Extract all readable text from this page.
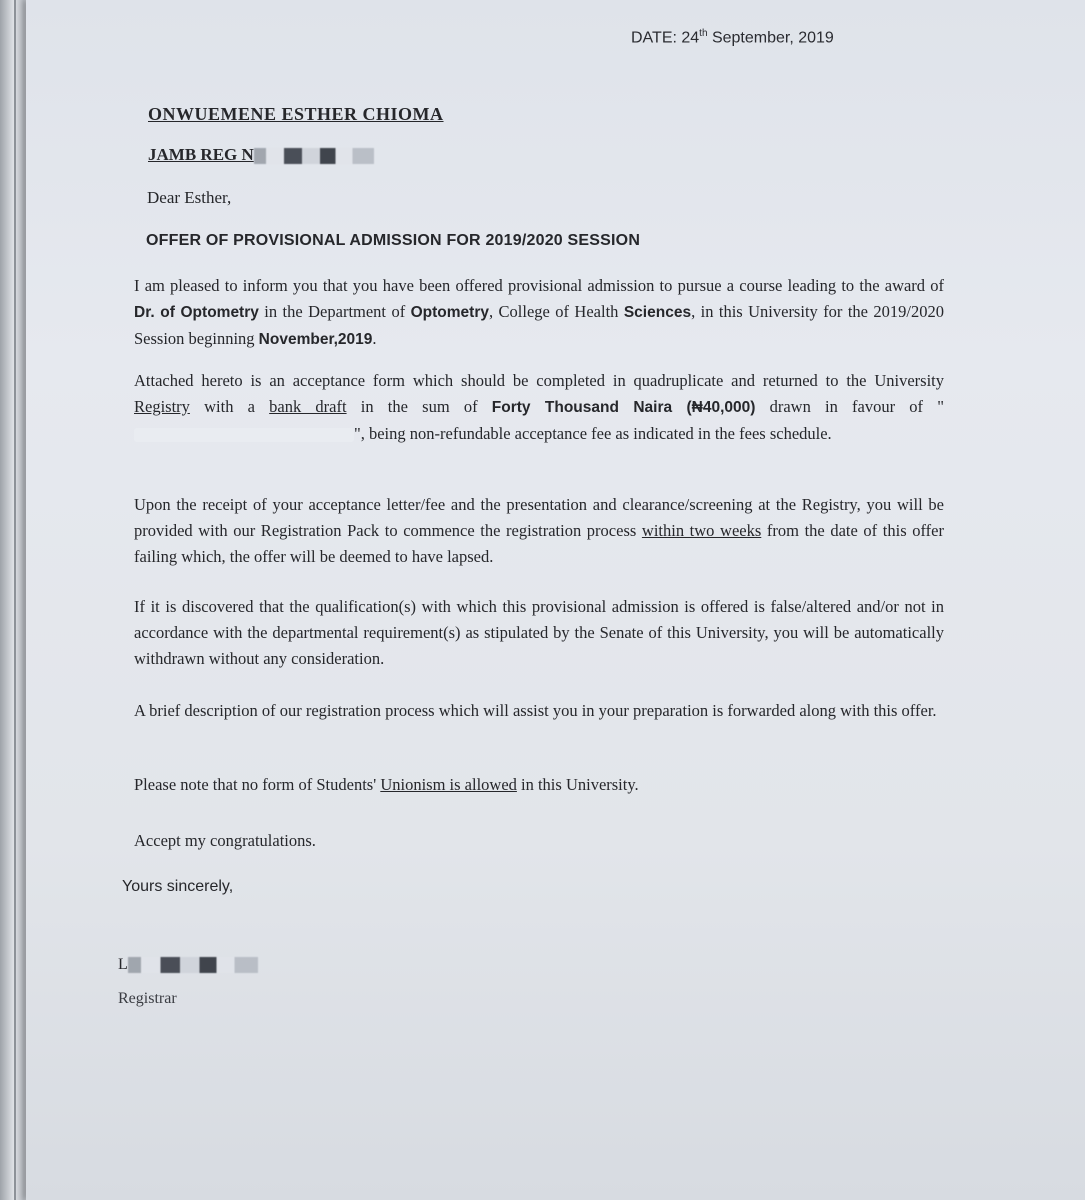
DATE: 24th September, 2019
ONWUEMENE ESTHER CHIOMA
JAMB REG N
Dear Esther,
OFFER OF PROVISIONAL ADMISSION FOR 2019/2020 SESSION
I am pleased to inform you that you have been offered provisional admission to pursue a course leading to the award of Dr. of Optometry in the Department of Optometry, College of Health Sciences, in this University for the 2019/2020 Session beginning November,2019.
Attached hereto is an acceptance form which should be completed in quadruplicate and returned to the University Registry with a bank draft in the sum of Forty Thousand Naira (₦40,000) drawn in favour of "", being non-refundable acceptance fee as indicated in the fees schedule.
Upon the receipt of your acceptance letter/fee and the presentation and clearance/screening at the Registry, you will be provided with our Registration Pack to commence the registration process within two weeks from the date of this offer failing which, the offer will be deemed to have lapsed.
If it is discovered that the qualification(s) with which this provisional admission is offered is false/altered and/or not in accordance with the departmental requirement(s) as stipulated by the Senate of this University, you will be automatically withdrawn without any consideration.
A brief description of our registration process which will assist you in your preparation is forwarded along with this offer.
Please note that no form of Students' Unionism is allowed in this University.
Accept my congratulations.
Yours sincerely,
L
Registrar
